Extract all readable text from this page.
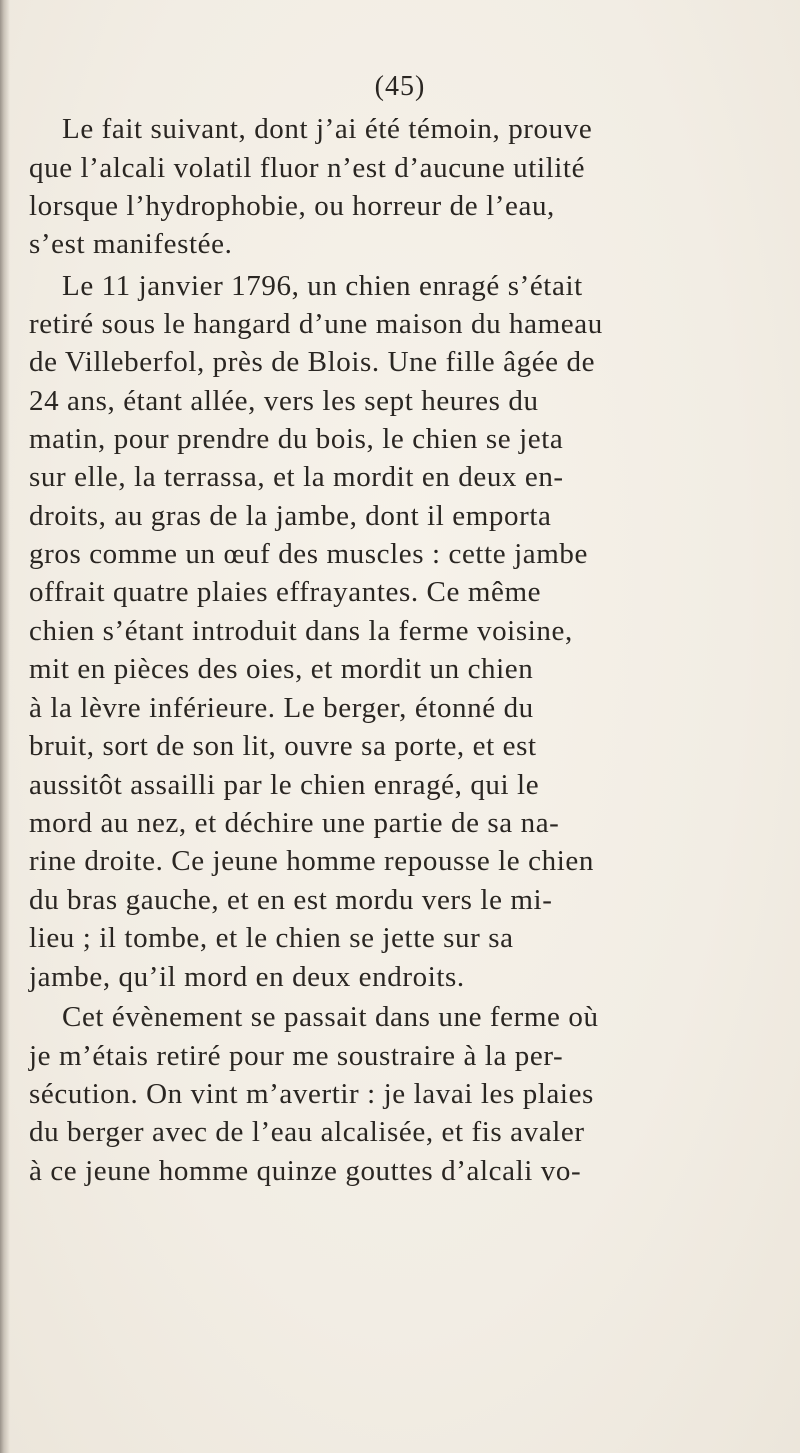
(45)
Le fait suivant, dont j’ai été témoin, prouve
que l’alcali volatil fluor n’est d’aucune utilité
lorsque l’hydrophobie, ou horreur de l’eau,
s’est manifestée.
Le 11 janvier 1796, un chien enragé s’était
retiré sous le hangard d’une maison du hameau
de Villeberfol, près de Blois. Une fille âgée de
24 ans, étant allée, vers les sept heures du
matin, pour prendre du bois, le chien se jeta
sur elle, la terrassa, et la mordit en deux en-
droits, au gras de la jambe, dont il emporta
gros comme un œuf des muscles : cette jambe
offrait quatre plaies effrayantes. Ce même
chien s’étant introduit dans la ferme voisine,
mit en pièces des oies, et mordit un chien
à la lèvre inférieure. Le berger, étonné du
bruit, sort de son lit, ouvre sa porte, et est
aussitôt assailli par le chien enragé, qui le
mord au nez, et déchire une partie de sa na-
rine droite. Ce jeune homme repousse le chien
du bras gauche, et en est mordu vers le mi-
lieu ; il tombe, et le chien se jette sur sa
jambe, qu’il mord en deux endroits.
Cet évènement se passait dans une ferme où
je m’étais retiré pour me soustraire à la per-
sécution. On vint m’avertir : je lavai les plaies
du berger avec de l’eau alcalisée, et fis avaler
à ce jeune homme quinze gouttes d’alcali vo-
